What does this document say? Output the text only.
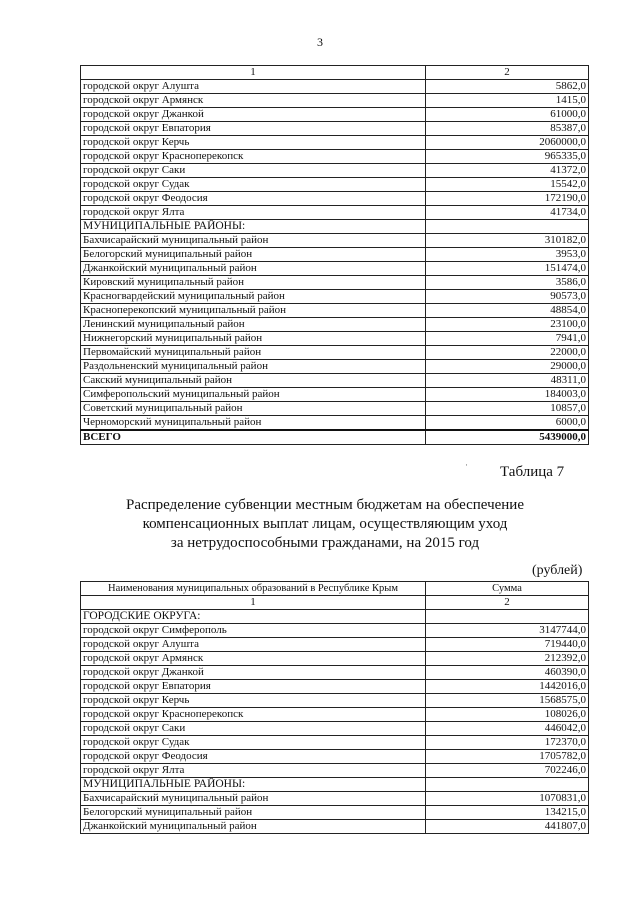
3
1	2
городской округ Алушта	5862,0
городской округ Армянск	1415,0
городской округ Джанкой	61000,0
городской округ Евпатория	85387,0
городской округ Керчь	2060000,0
городской округ Красноперекопск	965335,0
городской округ Саки	41372,0
городской округ Судак	15542,0
городской округ Феодосия	172190,0
городской округ Ялта	41734,0
МУНИЦИПАЛЬНЫЕ РАЙОНЫ:	
Бахчисарайский муниципальный район	310182,0
Белогорский муниципальный район	3953,0
Джанкойский муниципальный район	151474,0
Кировский муниципальный район	3586,0
Красногвардейский муниципальный район	90573,0
Красноперекопский муниципальный район	48854,0
Ленинский муниципальный район	23100,0
Нижнегорский муниципальный район	7941,0
Первомайский муниципальный район	22000,0
Раздольненский муниципальный район	29000,0
Сакский муниципальный район	48311,0
Симферопольский муниципальный район	184003,0
Советский муниципальный район	10857,0
Черноморский муниципальный район	6000,0
ВСЕГО	5439000,0
· Таблица 7
Распределение субвенции местным бюджетам на обеспечение
компенсационных выплат лицам, осуществляющим уход
за нетрудоспособными гражданами, на 2015 год
(рублей)
Наименования муниципальных образований в Республике Крым	Сумма
1	2
ГОРОДСКИЕ ОКРУГА:	
городской округ Симферополь	3147744,0
городской округ Алушта	719440,0
городской округ Армянск	212392,0
городской округ Джанкой	460390,0
городской округ Евпатория	1442016,0
городской округ Керчь	1568575,0
городской округ Красноперекопск	108026,0
городской округ Саки	446042,0
городской округ Судак	172370,0
городской округ Феодосия	1705782,0
городской округ Ялта	702246,0
МУНИЦИПАЛЬНЫЕ РАЙОНЫ:	
Бахчисарайский муниципальный район	1070831,0
Белогорский муниципальный район	134215,0
Джанкойский муниципальный район	441807,0
